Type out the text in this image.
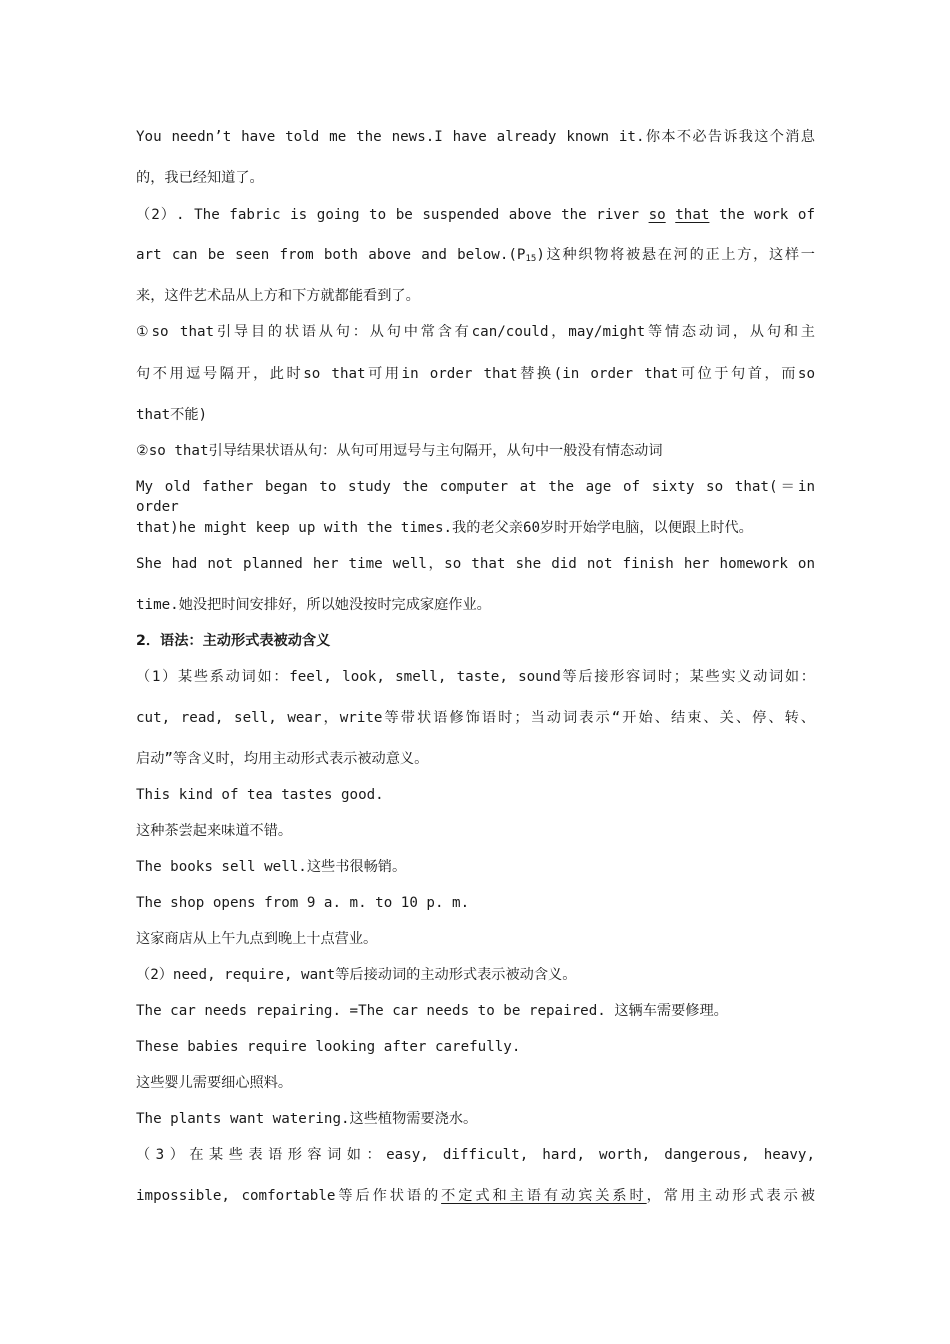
You needn’t have told me the news.I have already known it.你本不必告诉我这个消息
的，我已经知道了。
（2）. The fabric is going to be suspended above the river so that the work of
art can be seen from both above and $below.(P_{15})$这种织物将被悬在河的正上方，这样一
来，这件艺术品从上方和下方就都能看到了。
①so that引导目的状语从句：从句中常含有can/could，may/might等情态动词，从句和主
句不用逗号隔开，此时so that可用in order that替换(in order that可位于句首，而so
that不能)
②so that引导结果状语从句：从句可用逗号与主句隔开，从句中一般没有情态动词
My old father began to study the computer at the age of sixty so that(＝in order
that)he might keep up with the times.我的老父亲60岁时开始学电脑，以便跟上时代。
She had not planned her time well，so that she did not finish her homework on
time.她没把时间安排好，所以她没按时完成家庭作业。
2．语法：主动形式表被动含义
（1）某些系动词如：feel, look, smell, taste, sound等后接形容词时；某些实义动词如：
cut, read, sell, wear，write等带状语修饰语时；当动词表示“开始、结束、关、停、转、
启动”等含义时，均用主动形式表示被动意义。
This kind of tea tastes good.
这种茶尝起来味道不错。
The books sell well.这些书很畅销。
The shop opens from 9 a. m. to 10 p. m.
这家商店从上午九点到晚上十点营业。
（2）need, require, want等后接动词的主动形式表示被动含义。
The car needs repairing. =The car needs to be repaired. 这辆车需要修理。
These babies require looking after carefully.
这些婴儿需要细心照料。
The plants want watering.这些植物需要浇水。
（3）在某些表语形容词如：easy, difficult, hard, worth, dangerous, heavy,
impossible, comfortable等后作状语的不定式和主语有动宾关系时，常用主动形式表示被
